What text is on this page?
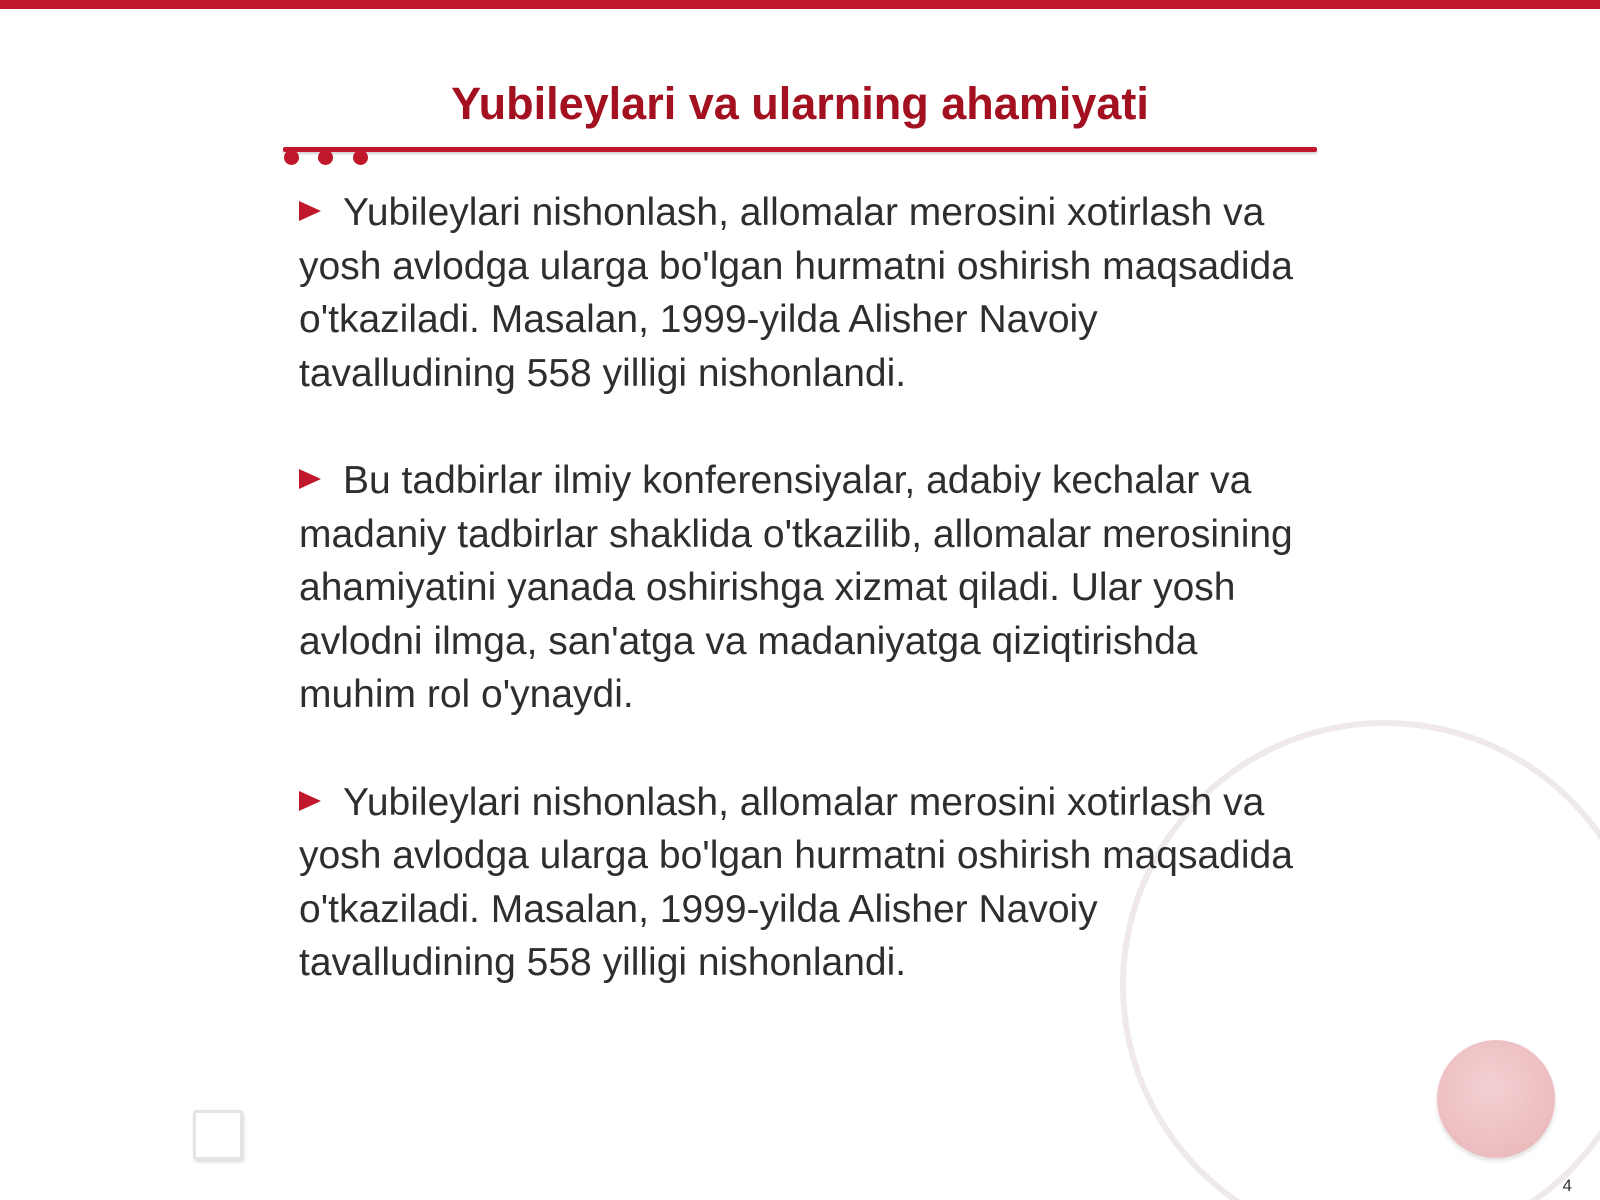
Yubileylari va ularning ahamiyati

Yubileylari nishonlash, allomalar merosini xotirlash va yosh avlodga ularga bo'lgan hurmatni oshirish maqsadida o'tkaziladi. Masalan, 1999-yilda Alisher Navoiy tavalludining 558 yilligi nishonlandi.

Bu tadbirlar ilmiy konferensiyalar, adabiy kechalar va madaniy tadbirlar shaklida o'tkazilib, allomalar merosining ahamiyatini yanada oshirishga xizmat qiladi. Ular yosh avlodni ilmga, san'atga va madaniyatga qiziqtirishda muhim rol o'ynaydi.

Yubileylari nishonlash, allomalar merosini xotirlash va yosh avlodga ularga bo'lgan hurmatni oshirish maqsadida o'tkaziladi. Masalan, 1999-yilda Alisher Navoiy tavalludining 558 yilligi nishonlandi.

4
